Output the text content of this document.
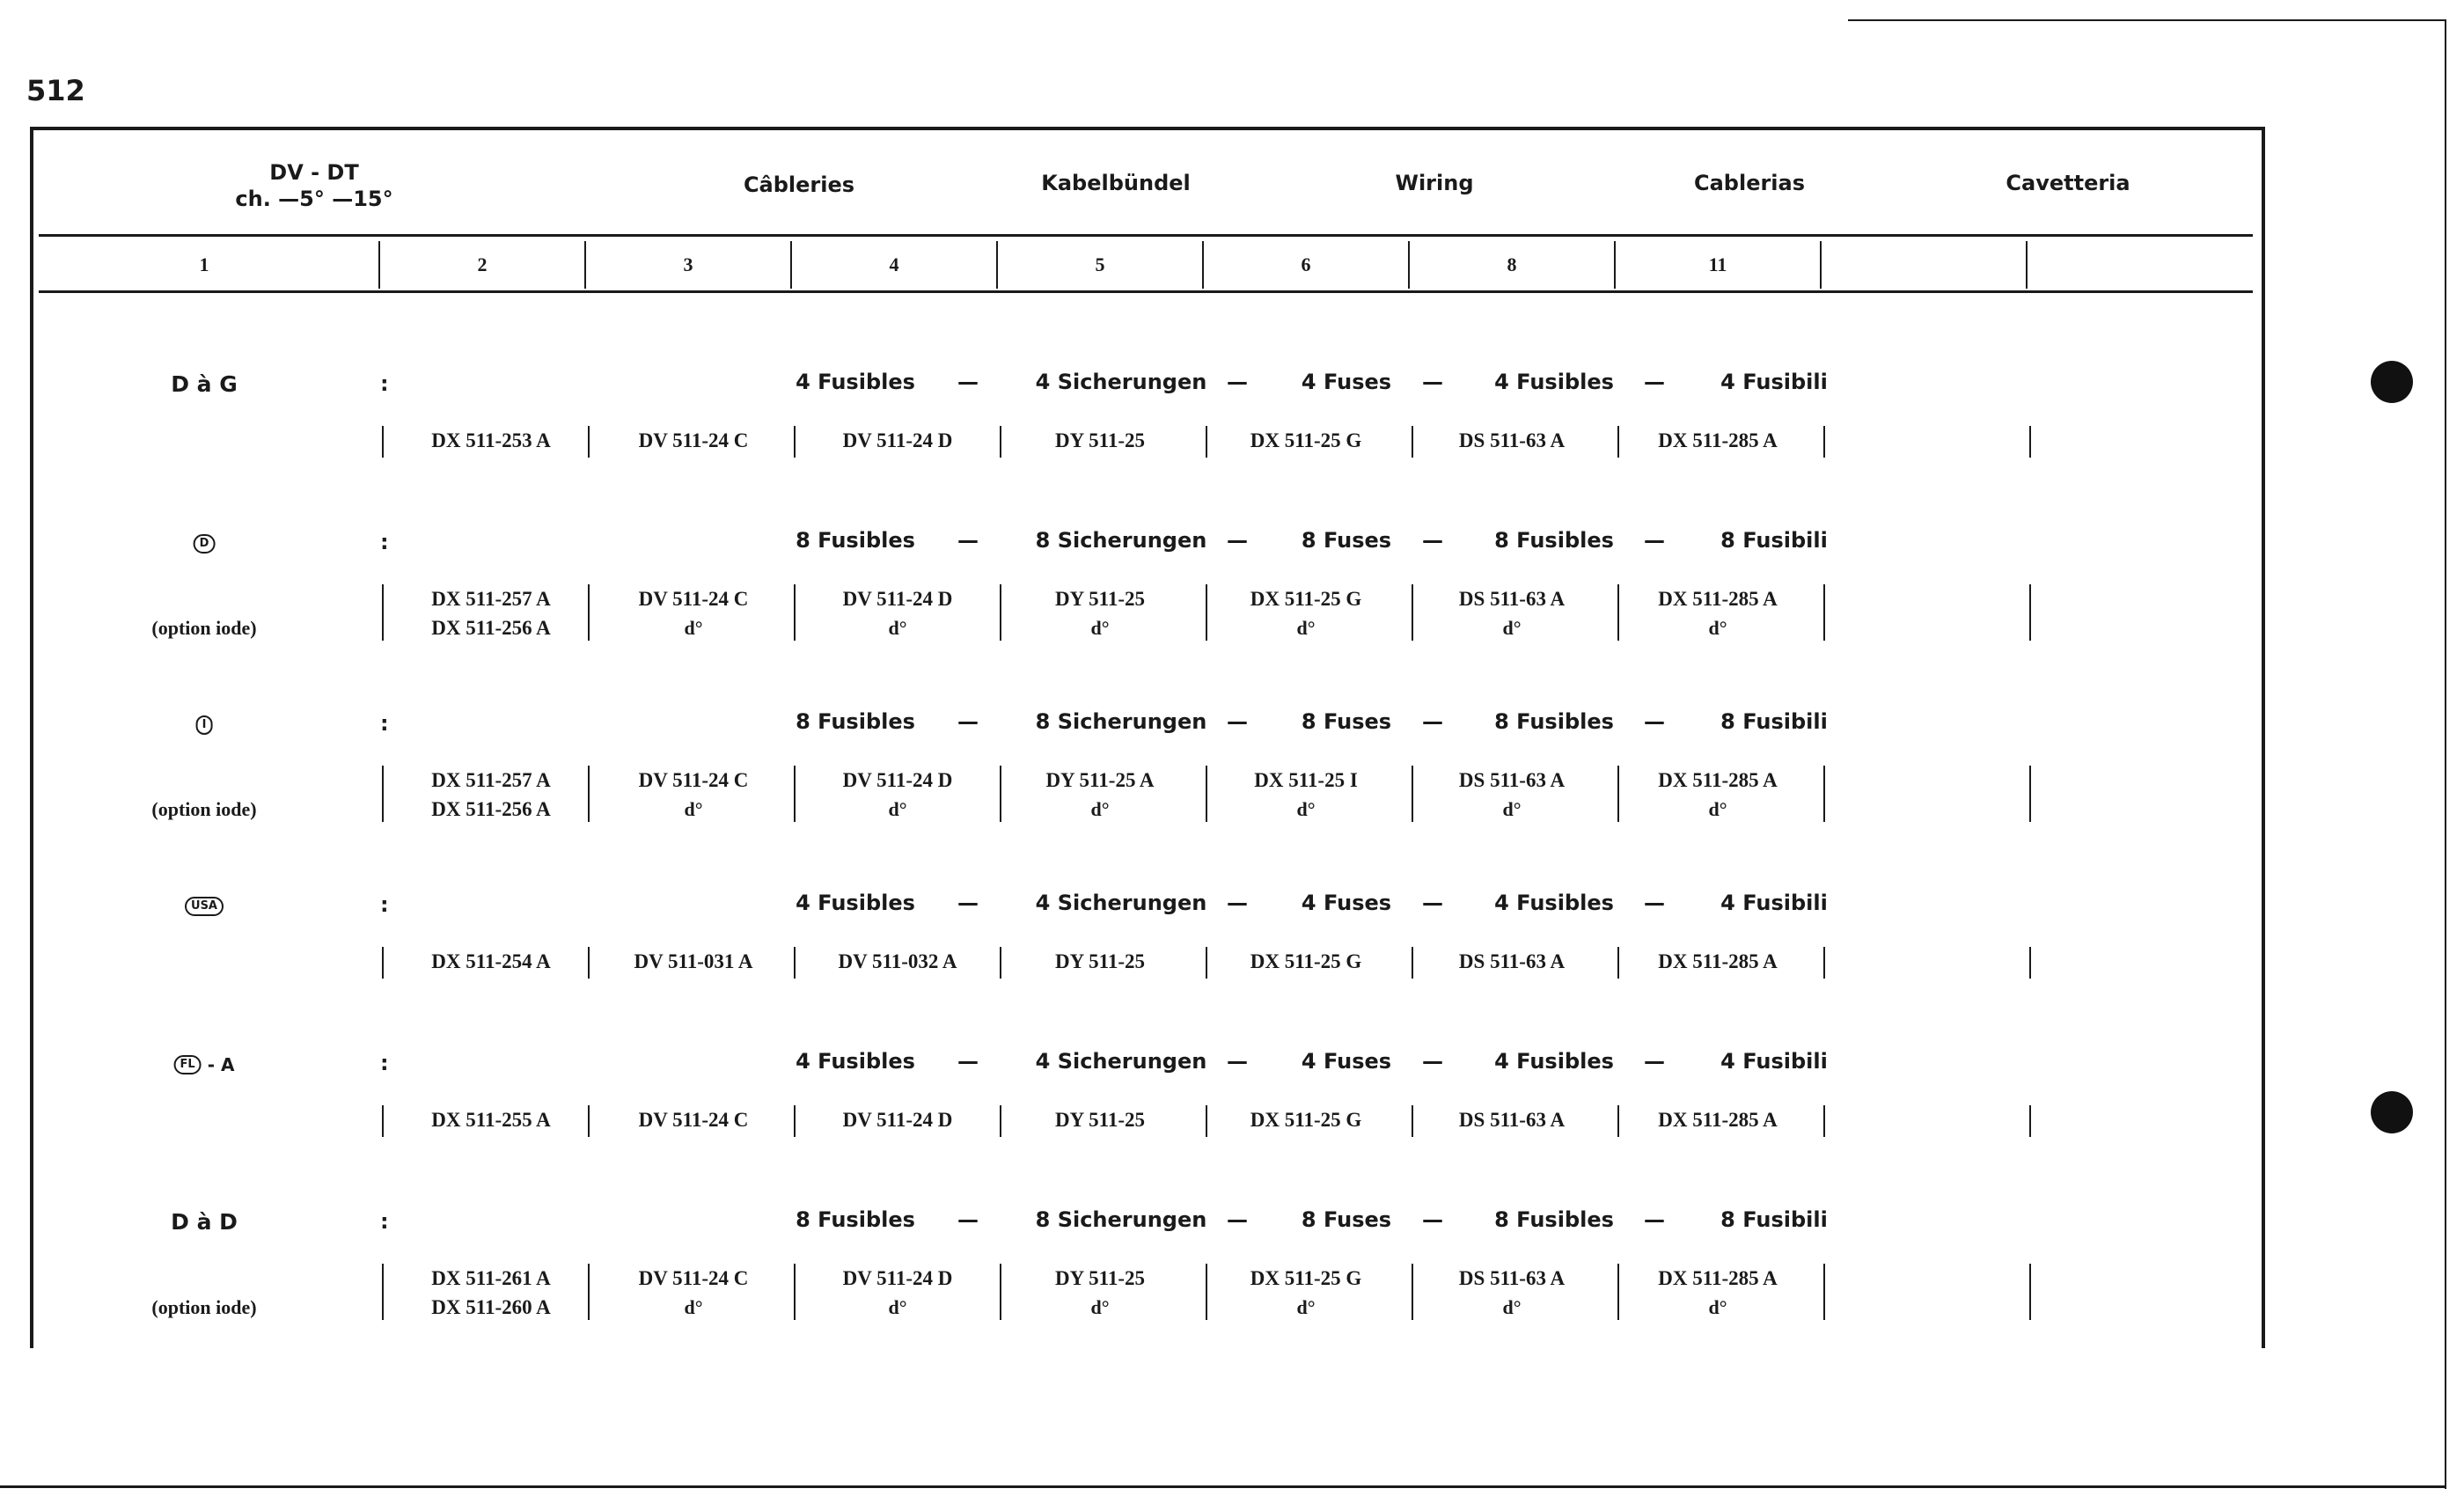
512
DV - DT
ch. —5° —15°
Câbleries	Kabelbündel	Wiring	Cablerias	Cavetteria
1	2	3	4	5	6	8	11
D à G	:	4 Fusibles	4 Sicherungen	4 Fuses	4 Fusibles	4 Fusibili
—	—	—	—
DX 511-253 A	DV 511-24 C	DV 511-24 D	DY 511-25	DX 511-25 G	DS 511-63 A	DX 511-285 A
D	:	8 Fusibles	8 Sicherungen	8 Fuses	8 Fusibles	8 Fusibili
—	—	—	—
DX 511-257 A	DV 511-24 C	DV 511-24 D	DY 511-25	DX 511-25 G	DS 511-63 A	DX 511-285 A
DX 511-256 A	d°	d°	d°	d°	d°	d°
(option iode)
I	:	8 Fusibles	8 Sicherungen	8 Fuses	8 Fusibles	8 Fusibili
—	—	—	—
DX 511-257 A	DV 511-24 C	DV 511-24 D	DY 511-25 A	DX 511-25 I	DS 511-63 A	DX 511-285 A
DX 511-256 A	d°	d°	d°	d°	d°	d°
(option iode)
USA	:	4 Fusibles	4 Sicherungen	4 Fuses	4 Fusibles	4 Fusibili
—	—	—	—
DX 511-254 A	DV 511-031 A	DV 511-032 A	DY 511-25	DX 511-25 G	DS 511-63 A	DX 511-285 A
FL - A	:	4 Fusibles	4 Sicherungen	4 Fuses	4 Fusibles	4 Fusibili
—	—	—	—
DX 511-255 A	DV 511-24 C	DV 511-24 D	DY 511-25	DX 511-25 G	DS 511-63 A	DX 511-285 A
D à D	:	8 Fusibles	8 Sicherungen	8 Fuses	8 Fusibles	8 Fusibili
—	—	—	—
DX 511-261 A	DV 511-24 C	DV 511-24 D	DY 511-25	DX 511-25 G	DS 511-63 A	DX 511-285 A
DX 511-260 A	d°	d°	d°	d°	d°	d°
(option iode)
